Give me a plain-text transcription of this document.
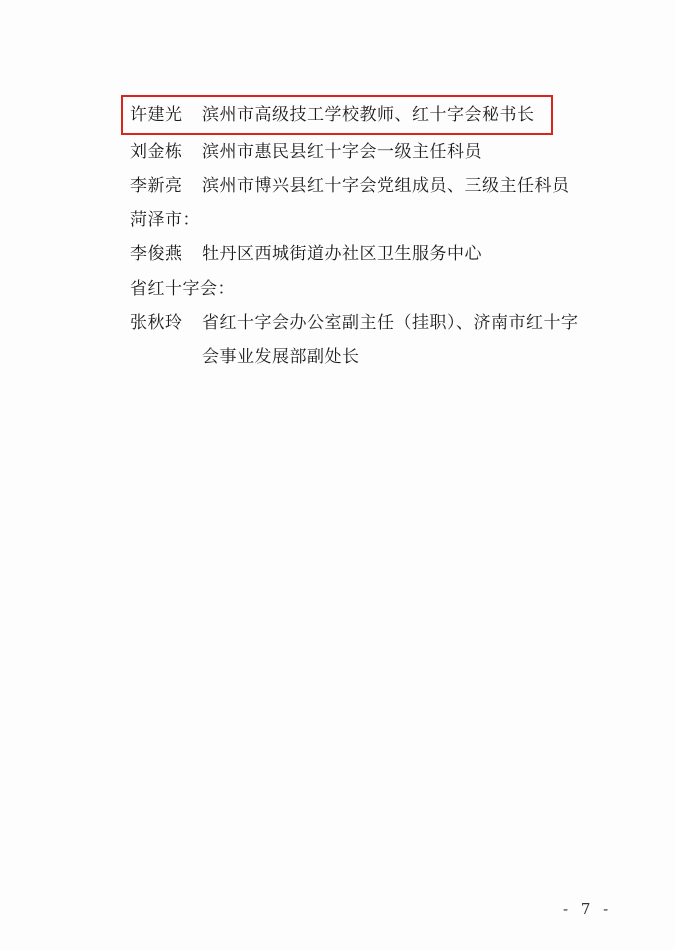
许建光 滨州市高级技工学校教师、红十字会秘书长
刘金栋 滨州市惠民县红十字会一级主任科员
李新亮 滨州市博兴县红十字会党组成员、三级主任科员
菏泽市：
李俊燕 牡丹区西城街道办社区卫生服务中心
省红十字会：
张秋玲 省红十字会办公室副主任（挂职）、济南市红十字
会事业发展部副处长
- 7 -
